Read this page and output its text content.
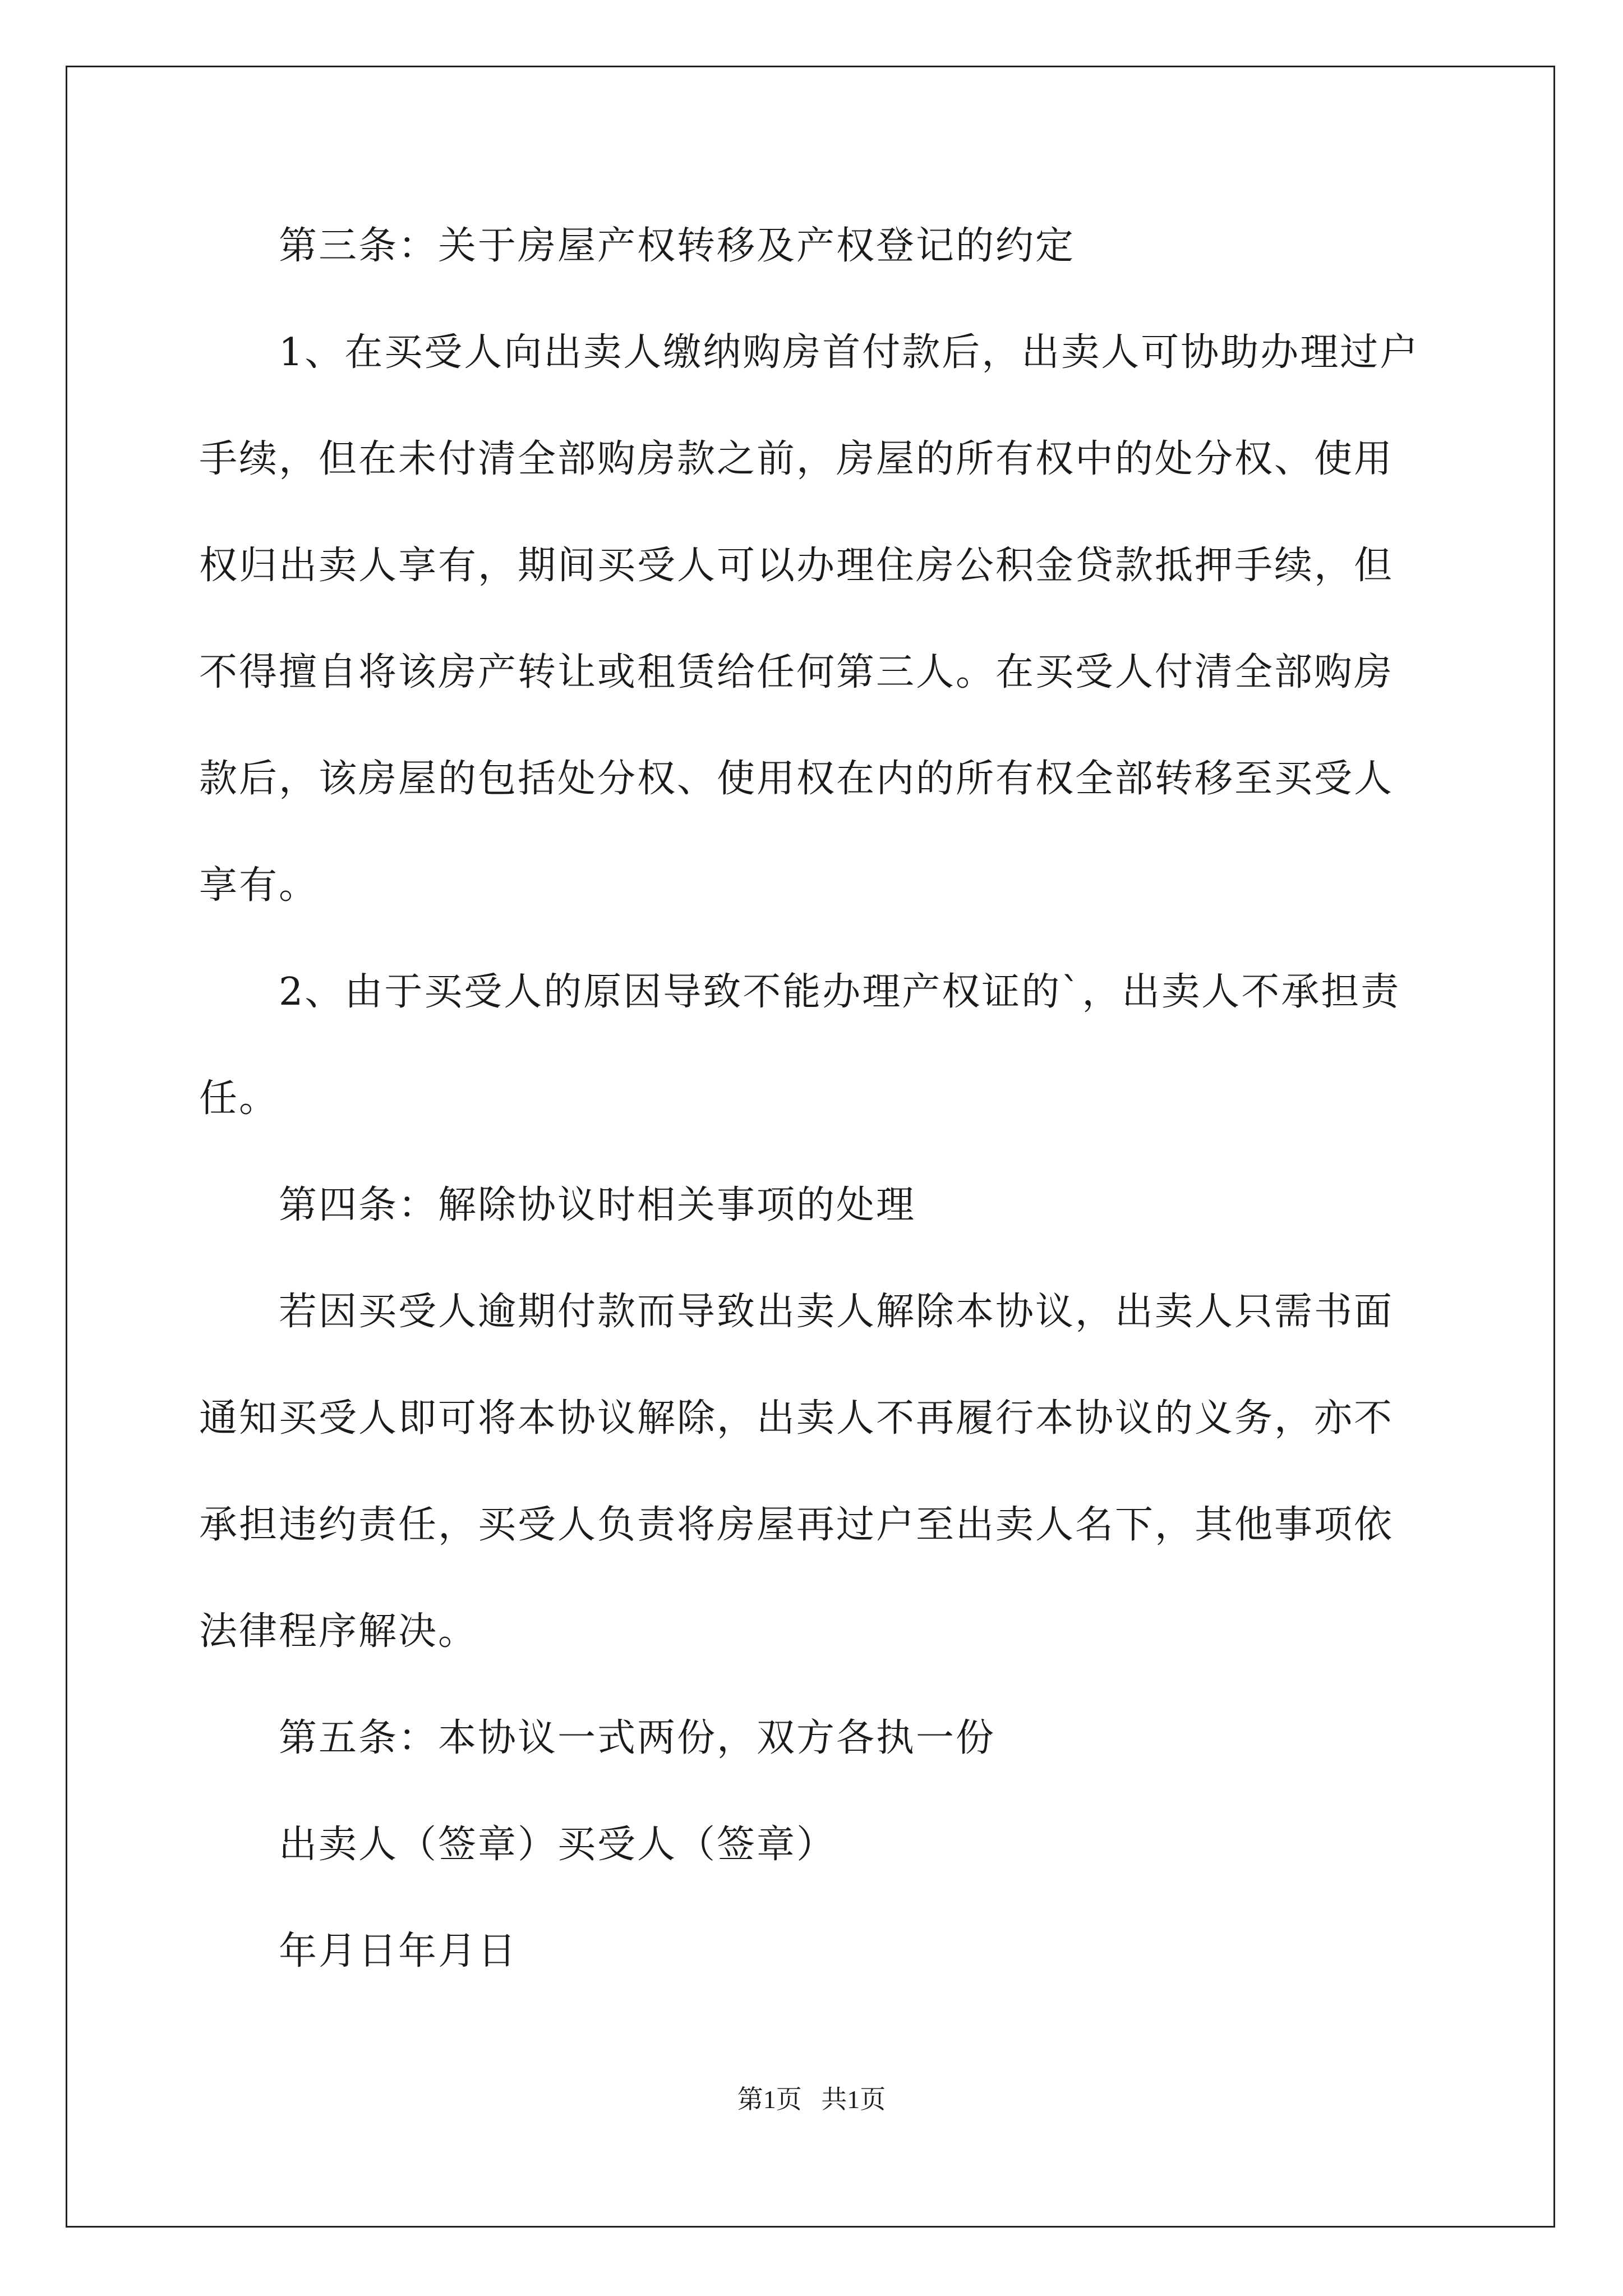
第三条：关于房屋产权转移及产权登记的约定

1、在买受人向出卖人缴纳购房首付款后，出卖人可协助办理过户

手续，但在未付清全部购房款之前，房屋的所有权中的处分权、使用

权归出卖人享有，期间买受人可以办理住房公积金贷款抵押手续，但

不得擅自将该房产转让或租赁给任何第三人。在买受人付清全部购房

款后，该房屋的包括处分权、使用权在内的所有权全部转移至买受人

享有。

2、由于买受人的原因导致不能办理产权证的`，出卖人不承担责

任。

第四条：解除协议时相关事项的处理

若因买受人逾期付款而导致出卖人解除本协议，出卖人只需书面

通知买受人即可将本协议解除，出卖人不再履行本协议的义务，亦不

承担违约责任，买受人负责将房屋再过户至出卖人名下，其他事项依

法律程序解决。

第五条：本协议一式两份，双方各执一份

出卖人（签章）买受人（签章）

年月日年月日

第1页   共1页
